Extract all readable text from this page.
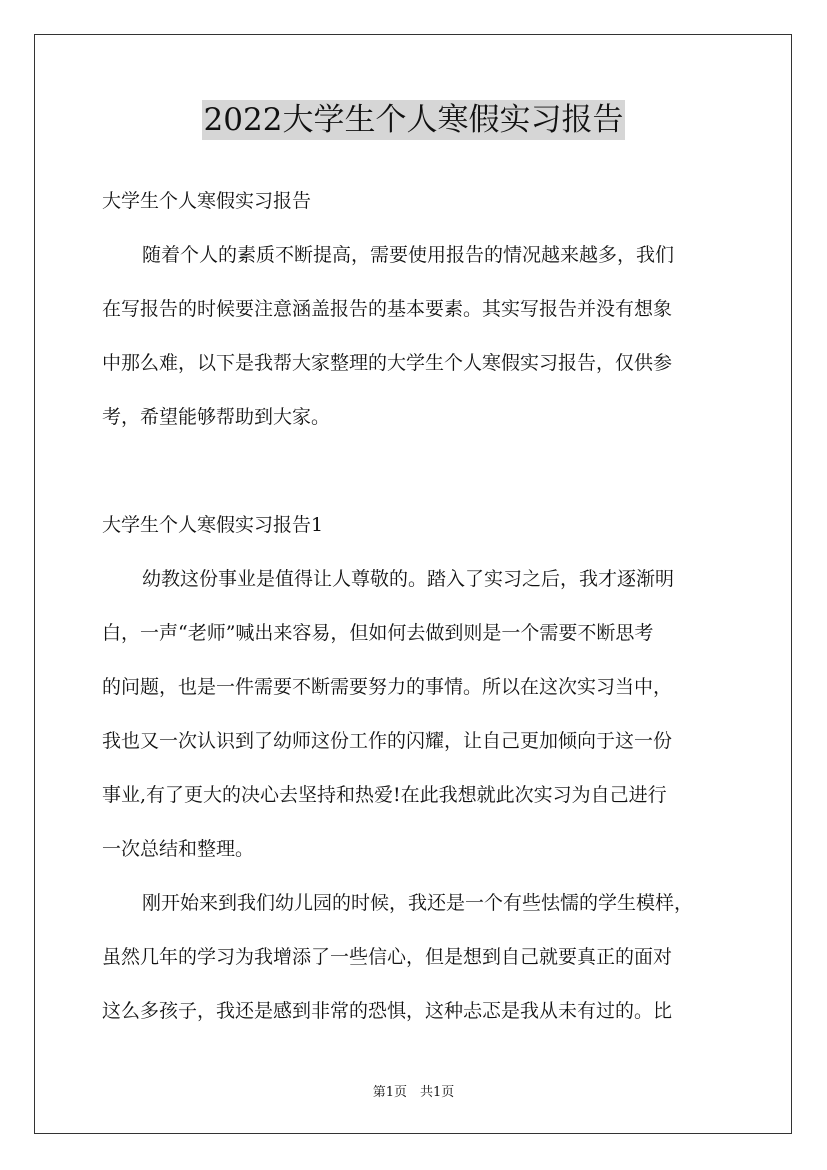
2022大学生个人寒假实习报告
大学生个人寒假实习报告
随着个人的素质不断提高，需要使用报告的情况越来越多，我们
在写报告的时候要注意涵盖报告的基本要素。其实写报告并没有想象
中那么难，以下是我帮大家整理的大学生个人寒假实习报告，仅供参
考，希望能够帮助到大家。
大学生个人寒假实习报告1
幼教这份事业是值得让人尊敬的。踏入了实习之后，我才逐渐明
白，一声“老师”喊出来容易，但如何去做到则是一个需要不断思考
的问题，也是一件需要不断需要努力的事情。所以在这次实习当中，
我也又一次认识到了幼师这份工作的闪耀，让自己更加倾向于这一份
事业,有了更大的决心去坚持和热爱!在此我想就此次实习为自己进行
一次总结和整理。
刚开始来到我们幼儿园的时候，我还是一个有些怯懦的学生模样，
虽然几年的学习为我增添了一些信心，但是想到自己就要真正的面对
这么多孩子，我还是感到非常的恐惧，这种忐忑是我从未有过的。比
第1页　共1页
